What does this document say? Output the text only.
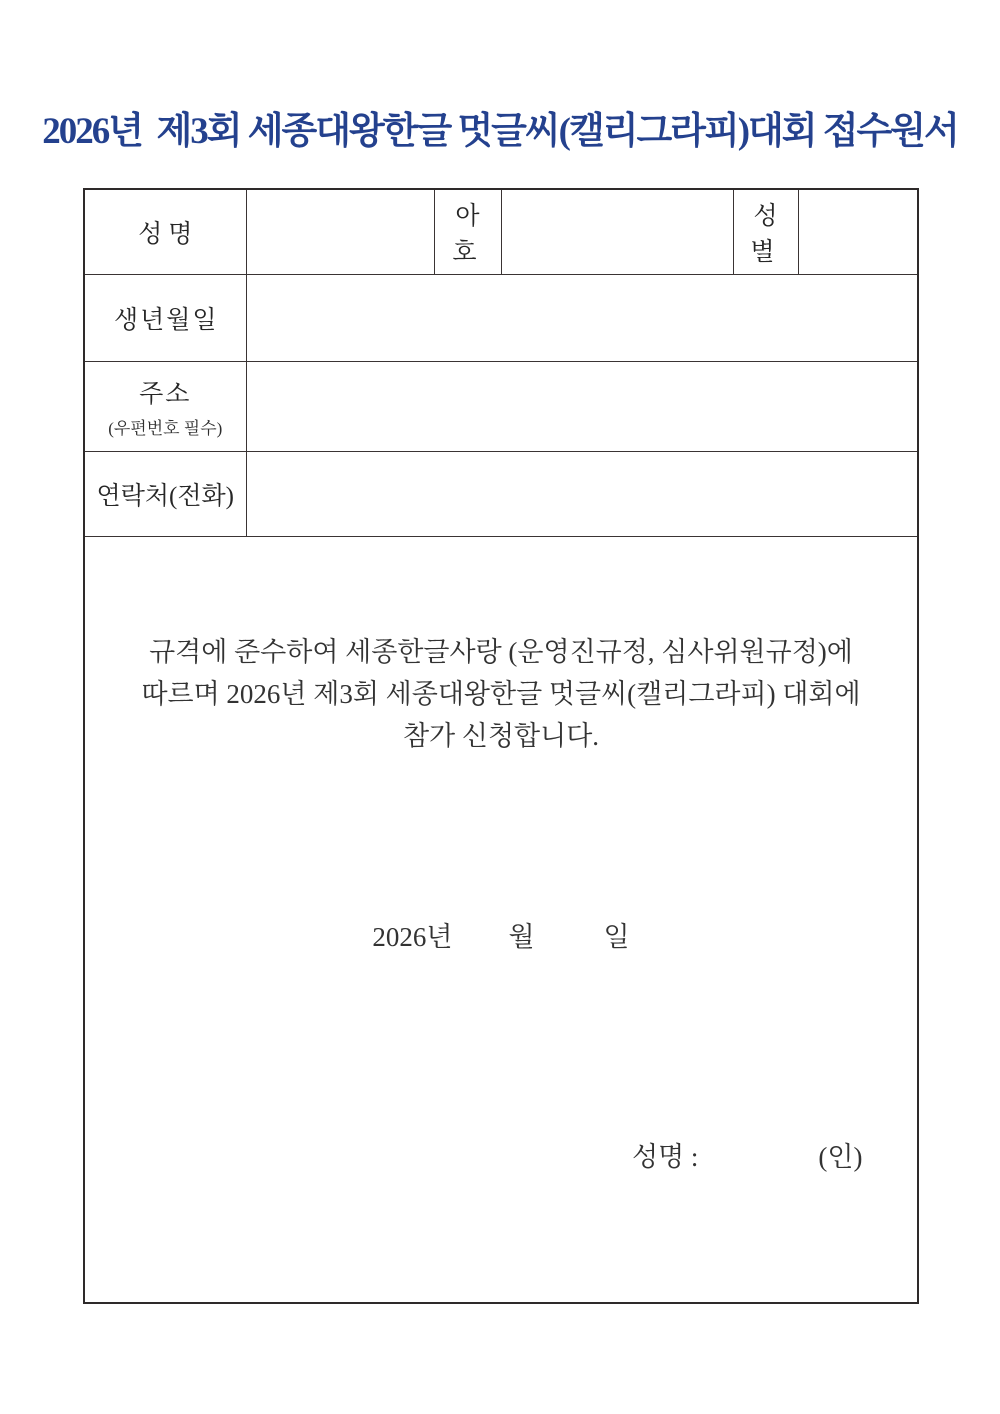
2026년  제3회 세종대왕한글 멋글씨(캘리그라피)대회 접수원서
성명		아호		성별	
생년월일					
주소
(우편번호 필수)					

연락처(전화)					

규격에 준수하여 세종한글사랑 (운영진규정, 심사위원규정)에
따르며 2026년 제3회 세종대왕한글 멋글씨(캘리그라피) 대회에
참가 신청합니다.
2026년 월 일
성명 : (인)					
